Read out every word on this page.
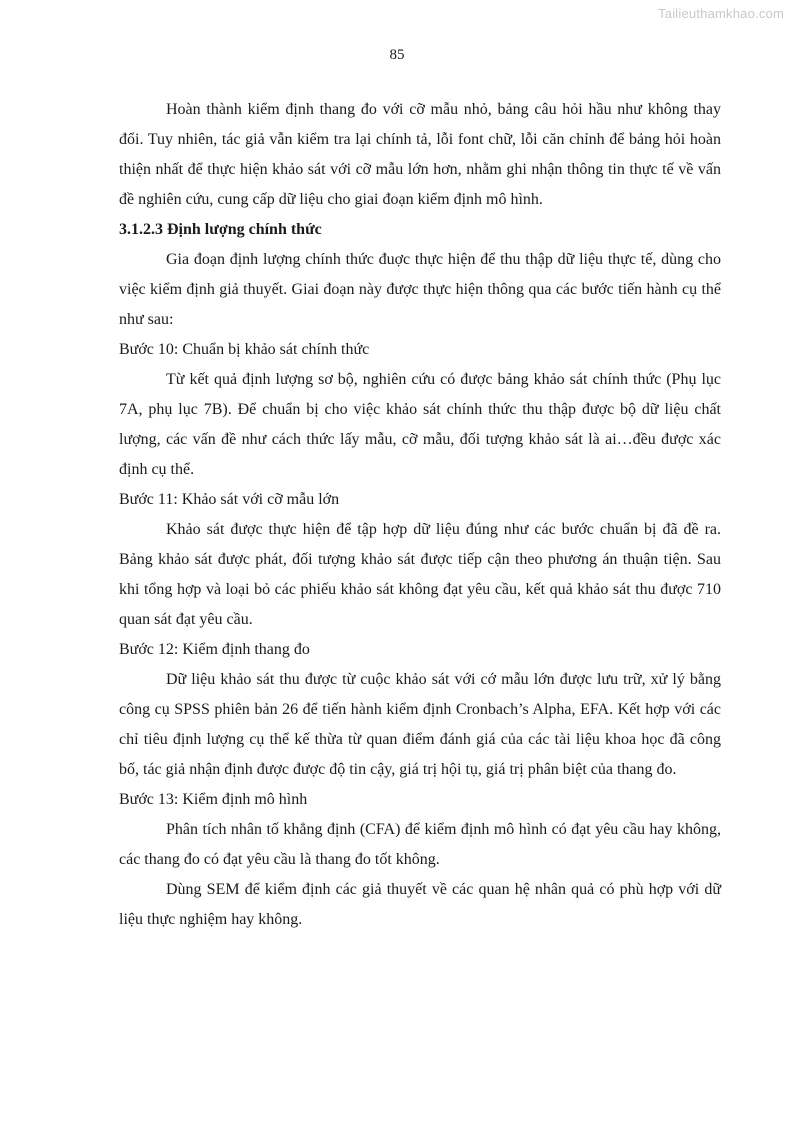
Tailieuthamkhao.com
85

Hoàn thành kiểm định thang đo với cỡ mẫu nhỏ, bảng câu hỏi hầu như không thay đổi. Tuy nhiên, tác giả vẫn kiểm tra lại chính tả, lỗi font chữ, lỗi căn chỉnh để bảng hỏi hoàn thiện nhất để thực hiện khảo sát với cỡ mẫu lớn hơn, nhằm ghi nhận thông tin thực tế về vấn đề nghiên cứu, cung cấp dữ liệu cho giai đoạn kiểm định mô hình.

3.1.2.3 Định lượng chính thức

Gia đoạn định lượng chính thức đuợc thực hiện để thu thập dữ liệu thực tế, dùng cho việc kiểm định giả thuyết. Giai đoạn này được thực hiện thông qua các bước tiến hành cụ thể như sau:

Bước 10: Chuẩn bị khảo sát chính thức

Từ kết quả định lượng sơ bộ, nghiên cứu có được bảng khảo sát chính thức (Phụ lục 7A, phụ lục 7B). Để chuẩn bị cho việc khảo sát chính thức thu thập được bộ dữ liệu chất lượng, các vấn đề như cách thức lấy mẫu, cỡ mẫu, đối tượng khảo sát là ai…đều được xác định cụ thể.

Bước 11: Khảo sát với cỡ mẫu lớn

Khảo sát được thực hiện để tập hợp dữ liệu đúng như các bước chuẩn bị đã đề ra. Bảng khảo sát được phát, đối tượng khảo sát được tiếp cận theo phương án thuận tiện. Sau khi tổng hợp và loại bỏ các phiếu khảo sát không đạt yêu cầu, kết quả khảo sát thu được 710 quan sát đạt yêu cầu.

Bước 12: Kiểm định thang đo

Dữ liệu khảo sát thu được từ cuộc khảo sát với cớ mẫu lớn được lưu trữ, xử lý bằng công cụ SPSS phiên bản 26 để tiến hành kiểm định Cronbach’s Alpha, EFA. Kết hợp với các chỉ tiêu định lượng cụ thể kế thừa từ quan điểm đánh giá của các tài liệu khoa học đã công bố, tác giả nhận định được được độ tin cậy, giá trị hội tụ, giá trị phân biệt của thang đo.

Bước 13: Kiểm định mô hình

Phân tích nhân tố khẳng định (CFA) để kiểm định mô hình có đạt yêu cầu hay không, các thang đo có đạt yêu cầu là thang đo tốt không.

Dùng SEM để kiểm định các giả thuyết về các quan hệ nhân quả có phù hợp với dữ liệu thực nghiệm hay không.
